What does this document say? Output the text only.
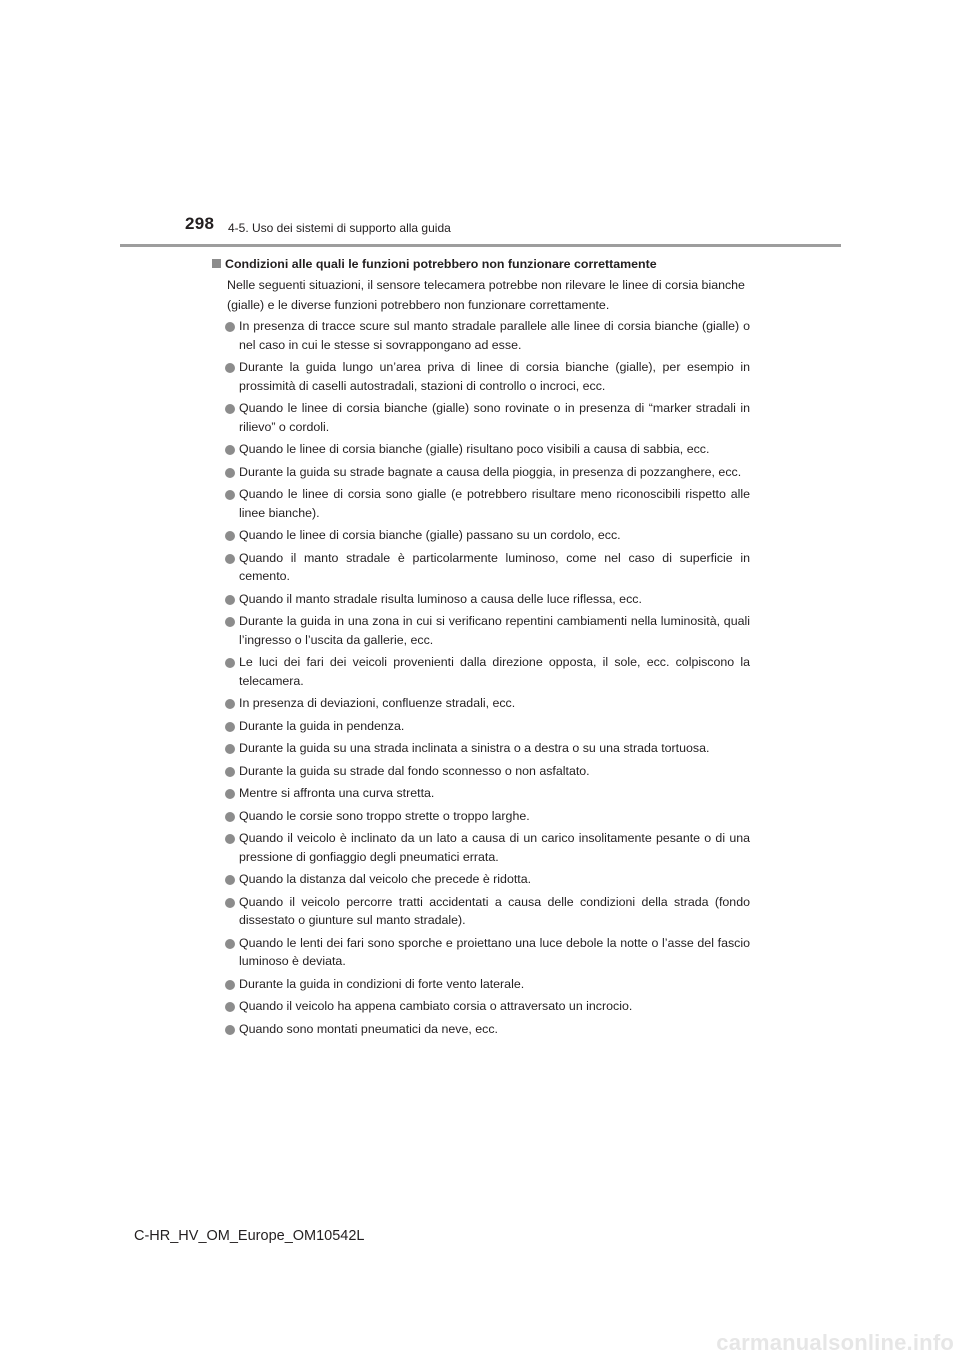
298 4-5. Uso dei sistemi di supporto alla guida
Condizioni alle quali le funzioni potrebbero non funzionare correttamente

Nelle seguenti situazioni, il sensore telecamera potrebbe non rilevare le linee di corsia bianche (gialle) e le diverse funzioni potrebbero non funzionare correttamente.

In presenza di tracce scure sul manto stradale parallele alle linee di corsia bianche (gialle) o nel caso in cui le stesse si sovrappongano ad esse.
Durante la guida lungo un’area priva di linee di corsia bianche (gialle), per esempio in prossimità di caselli autostradali, stazioni di controllo o incroci, ecc.
Quando le linee di corsia bianche (gialle) sono rovinate o in presenza di “marker stradali in rilievo” o cordoli.
Quando le linee di corsia bianche (gialle) risultano poco visibili a causa di sabbia, ecc.
Durante la guida su strade bagnate a causa della pioggia, in presenza di pozzanghere, ecc.
Quando le linee di corsia sono gialle (e potrebbero risultare meno riconoscibili rispetto alle linee bianche).
Quando le linee di corsia bianche (gialle) passano su un cordolo, ecc.
Quando il manto stradale è particolarmente luminoso, come nel caso di superficie in cemento.
Quando il manto stradale risulta luminoso a causa delle luce riflessa, ecc.
Durante la guida in una zona in cui si verificano repentini cambiamenti nella luminosità, quali l’ingresso o l’uscita da gallerie, ecc.
Le luci dei fari dei veicoli provenienti dalla direzione opposta, il sole, ecc. colpiscono la telecamera.
In presenza di deviazioni, confluenze stradali, ecc.
Durante la guida in pendenza.
Durante la guida su una strada inclinata a sinistra o a destra o su una strada tortuosa.
Durante la guida su strade dal fondo sconnesso o non asfaltato.
Mentre si affronta una curva stretta.
Quando le corsie sono troppo strette o troppo larghe.
Quando il veicolo è inclinato da un lato a causa di un carico insolitamente pesante o di una pressione di gonfiaggio degli pneumatici errata.
Quando la distanza dal veicolo che precede è ridotta.
Quando il veicolo percorre tratti accidentati a causa delle condizioni della strada (fondo dissestato o giunture sul manto stradale).
Quando le lenti dei fari sono sporche e proiettano una luce debole la notte o l’asse del fascio luminoso è deviata.
Durante la guida in condizioni di forte vento laterale.
Quando il veicolo ha appena cambiato corsia o attraversato un incrocio.
Quando sono montati pneumatici da neve, ecc.
C-HR_HV_OM_Europe_OM10542L
carmanualsonline.info
